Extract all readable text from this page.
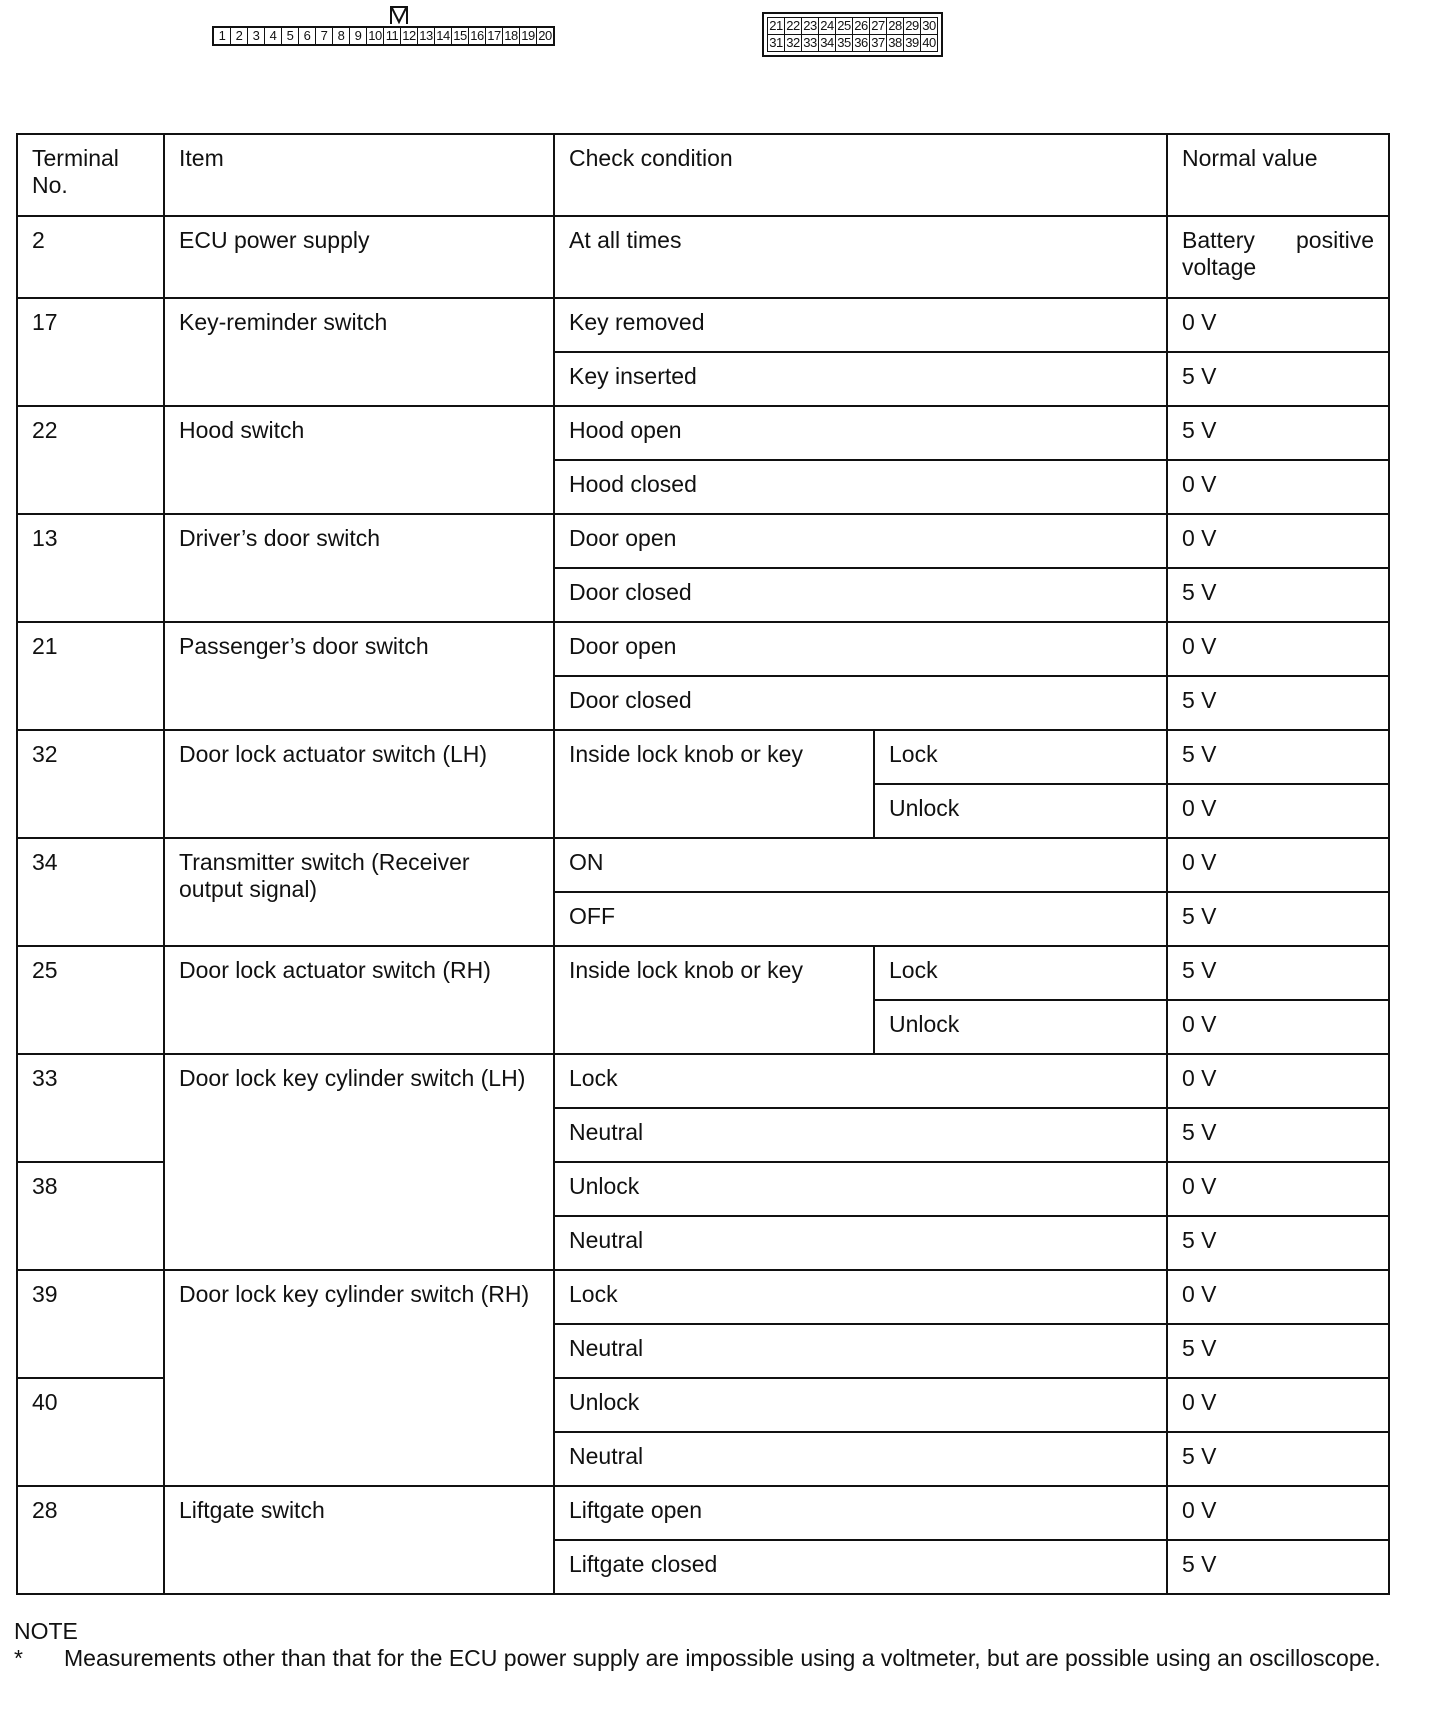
1 2 3 4 5 6 7 8 9 10 11 12 13 14 15 16 17 18 19 20
21 22 23 24 25 26 27 28 29 30
31 32 33 34 35 36 37 38 39 40
Terminal No.	Item	Check condition		Normal value
2	ECU power supply	At all times		Battery positive voltage
17	Key-reminder switch	Key removed		0 V
		Key inserted		5 V
22	Hood switch	Hood open		5 V
		Hood closed		0 V
13	Driver’s door switch	Door open		0 V
		Door closed		5 V
21	Passenger’s door switch	Door open		0 V
		Door closed		5 V
32	Door lock actuator switch (LH)	Inside lock knob or key	Lock	5 V
			Unlock	0 V
34	Transmitter switch (Receiver output signal)	ON		0 V
		OFF		5 V
25	Door lock actuator switch (RH)	Inside lock knob or key	Lock	5 V
			Unlock	0 V
33	Door lock key cylinder switch (LH)	Lock		0 V
		Neutral		5 V
38		Unlock		0 V
		Neutral		5 V
39	Door lock key cylinder switch (RH)	Lock		0 V
		Neutral		5 V
40		Unlock		0 V
		Neutral		5 V
28	Liftgate switch	Liftgate open		0 V
		Liftgate closed		5 V
NOTE
*	Measurements other than that for the ECU power supply are impossible using a voltmeter, but are possible using an oscilloscope.
